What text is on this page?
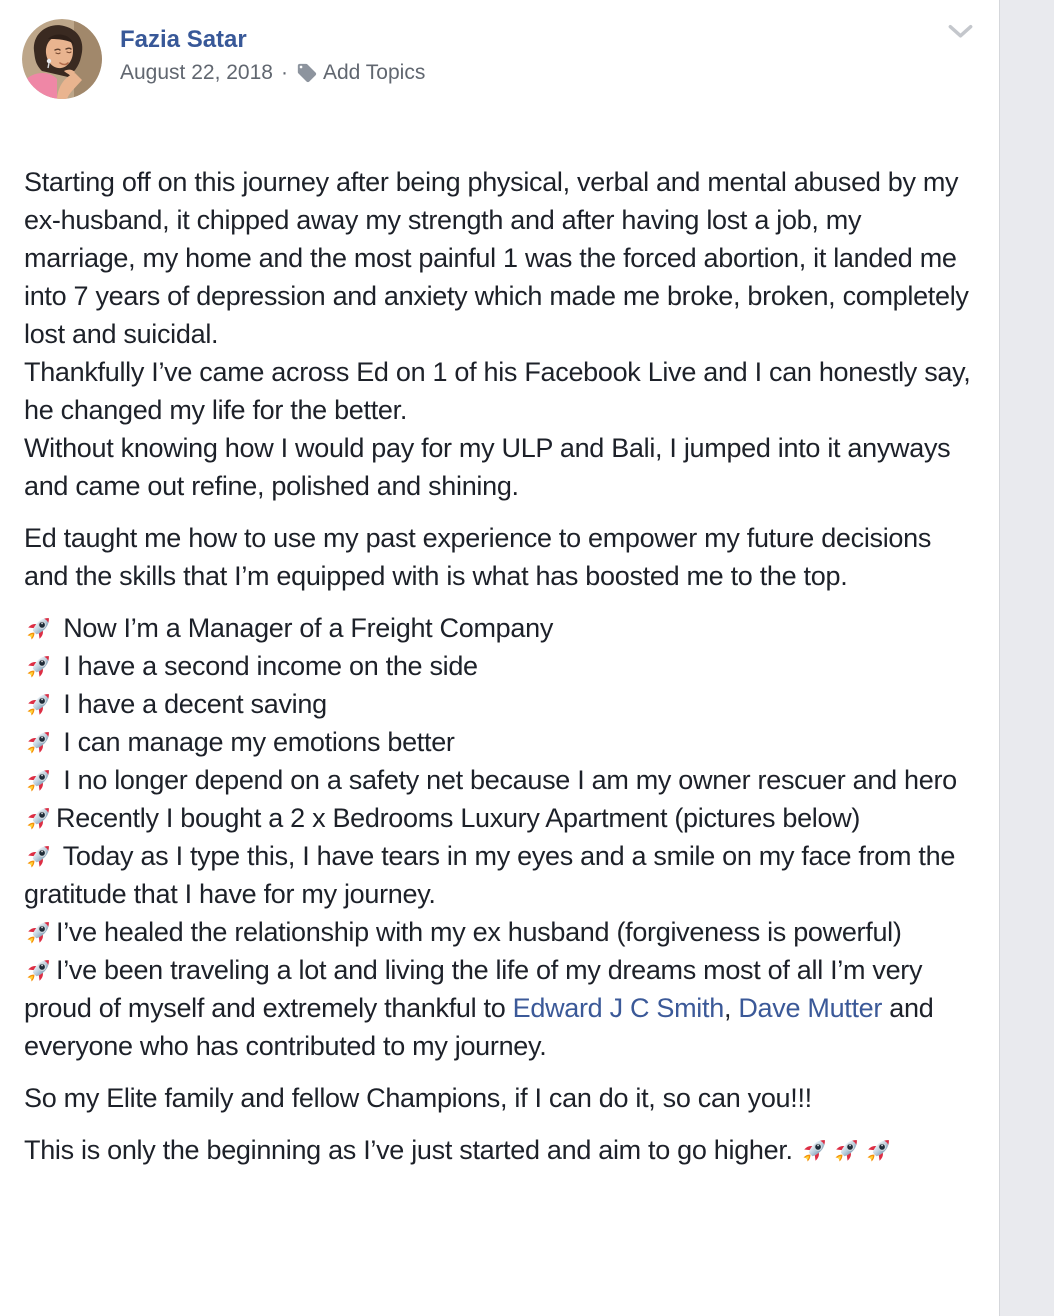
Fazia Satar
August 22, 2018 · Add Topics

Starting off on this journey after being physical, verbal and mental abused by my ex-husband, it chipped away my strength and after having lost a job, my marriage, my home and the most painful 1 was the forced abortion, it landed me into 7 years of depression and anxiety which made me broke, broken, completely lost and suicidal.
Thankfully I’ve came across Ed on 1 of his Facebook Live and I can honestly say, he changed my life for the better.
Without knowing how I would pay for my ULP and Bali, I jumped into it anyways and came out refine, polished and shining.

Ed taught me how to use my past experience to empower my future decisions and the skills that I’m equipped with is what has boosted me to the top.

Now I’m a Manager of a Freight Company

I have a second income on the side

I have a decent saving

I can manage my emotions better

I no longer depend on a safety net because I am my owner rescuer and hero

Recently I bought a 2 x Bedrooms Luxury Apartment (pictures below)

Today as I type this, I have tears in my eyes and a smile on my face from the gratitude that I have for my journey.

I’ve healed the relationship with my ex husband (forgiveness is powerful)

I’ve been traveling a lot and living the life of my dreams most of all I’m very proud of myself and extremely thankful to Edward J C Smith, Dave Mutter and everyone who has contributed to my journey.

So my Elite family and fellow Champions, if I can do it, so can you!!!

This is only the beginning as I’ve just started and aim to go higher.
